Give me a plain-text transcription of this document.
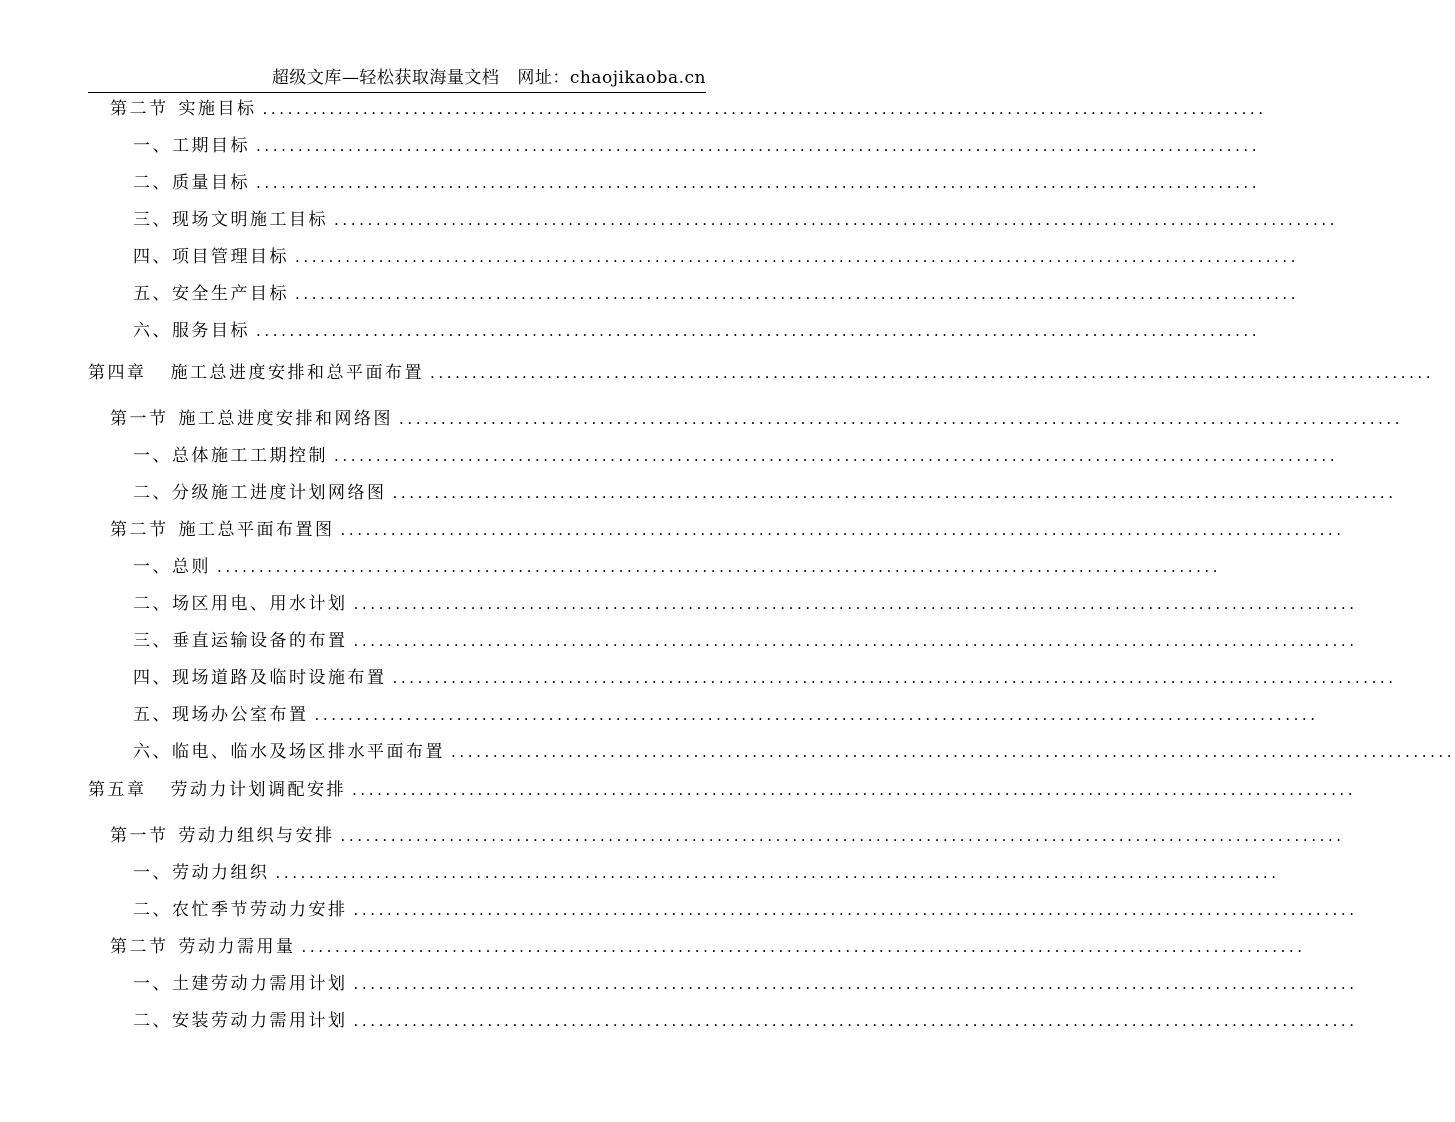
超级文库—轻松获取海量文档 网址：chaojikaoba.cn
第二节 实施目标 ........................................................................................................................
一、工期目标 ........................................................................................................................
二、质量目标 ........................................................................................................................
三、现场文明施工目标 ........................................................................................................................
四、项目管理目标 ........................................................................................................................
五、安全生产目标 ........................................................................................................................
六、服务目标 ........................................................................................................................
第四章 施工总进度安排和总平面布置 ........................................................................................................................
第一节 施工总进度安排和网络图 ........................................................................................................................
一、总体施工工期控制 ........................................................................................................................
二、分级施工进度计划网络图 ........................................................................................................................
第二节 施工总平面布置图 ........................................................................................................................
一、总则 ........................................................................................................................
二、场区用电、用水计划 ........................................................................................................................
三、垂直运输设备的布置 ........................................................................................................................
四、现场道路及临时设施布置 ........................................................................................................................
五、现场办公室布置 ........................................................................................................................
六、临电、临水及场区排水平面布置 ........................................................................................................................
第五章 劳动力计划调配安排 ........................................................................................................................
第一节 劳动力组织与安排 ........................................................................................................................
一、劳动力组织 ........................................................................................................................
二、农忙季节劳动力安排 ........................................................................................................................
第二节 劳动力需用量 ........................................................................................................................
一、土建劳动力需用计划 ........................................................................................................................
二、安装劳动力需用计划 ........................................................................................................................
